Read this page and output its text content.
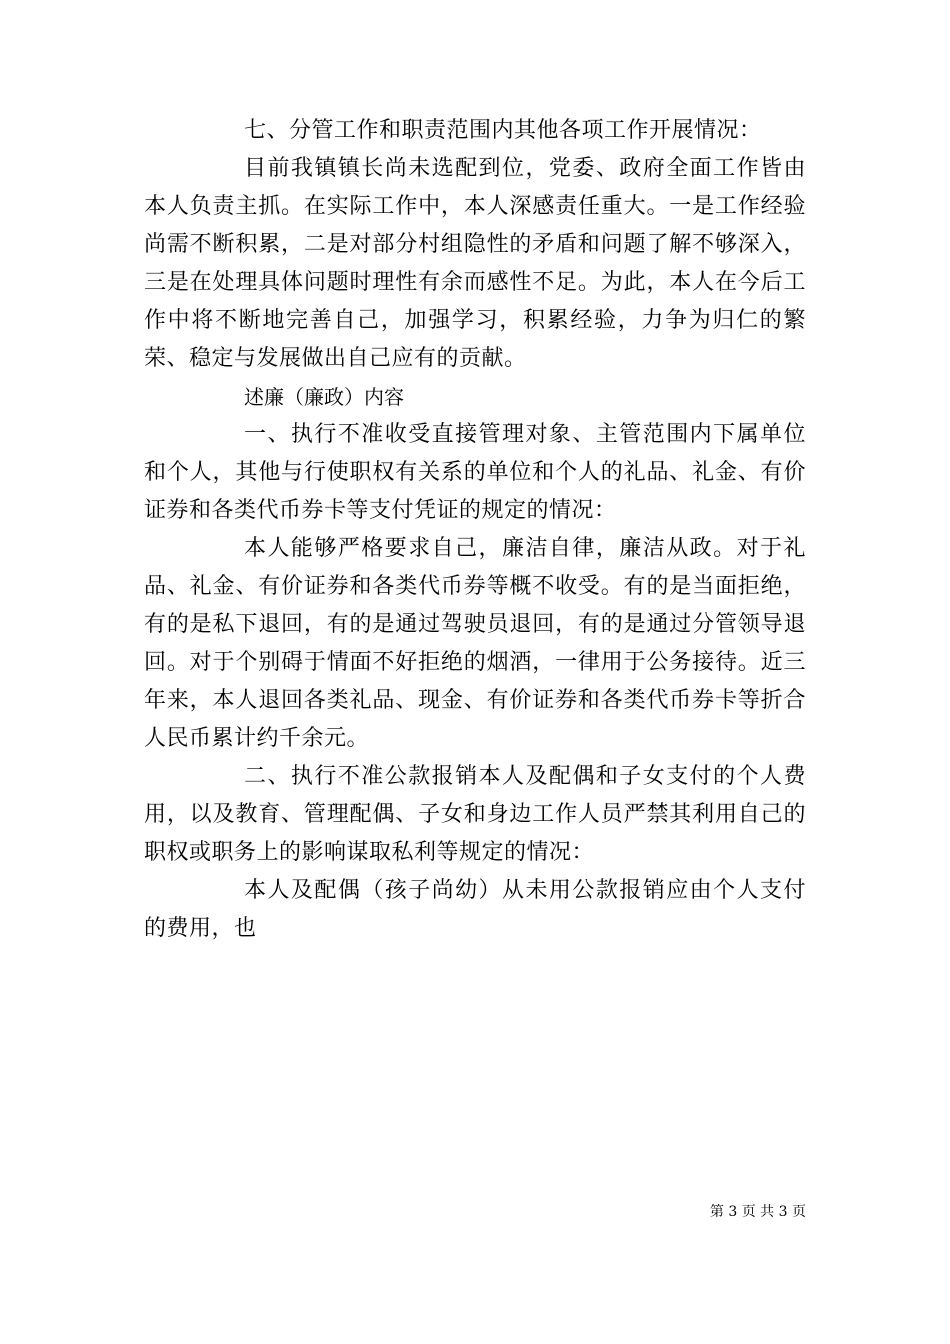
七、分管工作和职责范围内其他各项工作开展情况：

目前我镇镇长尚未选配到位，党委、政府全面工作皆由本人负责主抓。在实际工作中，本人深感责任重大。一是工作经验尚需不断积累，二是对部分村组隐性的矛盾和问题了解不够深入，三是在处理具体问题时理性有余而感性不足。为此，本人在今后工作中将不断地完善自己，加强学习，积累经验，力争为归仁的繁荣、稳定与发展做出自己应有的贡献。

述廉（廉政）内容

一、执行不准收受直接管理对象、主管范围内下属单位和个人，其他与行使职权有关系的单位和个人的礼品、礼金、有价证券和各类代币券卡等支付凭证的规定的情况：

本人能够严格要求自己，廉洁自律，廉洁从政。对于礼品、礼金、有价证券和各类代币券等概不收受。有的是当面拒绝，有的是私下退回，有的是通过驾驶员退回，有的是通过分管领导退回。对于个别碍于情面不好拒绝的烟酒，一律用于公务接待。近三年来，本人退回各类礼品、现金、有价证券和各类代币券卡等折合人民币累计约千余元。

二、执行不准公款报销本人及配偶和子女支付的个人费用，以及教育、管理配偶、子女和身边工作人员严禁其利用自己的职权或职务上的影响谋取私利等规定的情况：

本人及配偶（孩子尚幼）从未用公款报销应由个人支付的费用，也

第 3 页 共 3 页
